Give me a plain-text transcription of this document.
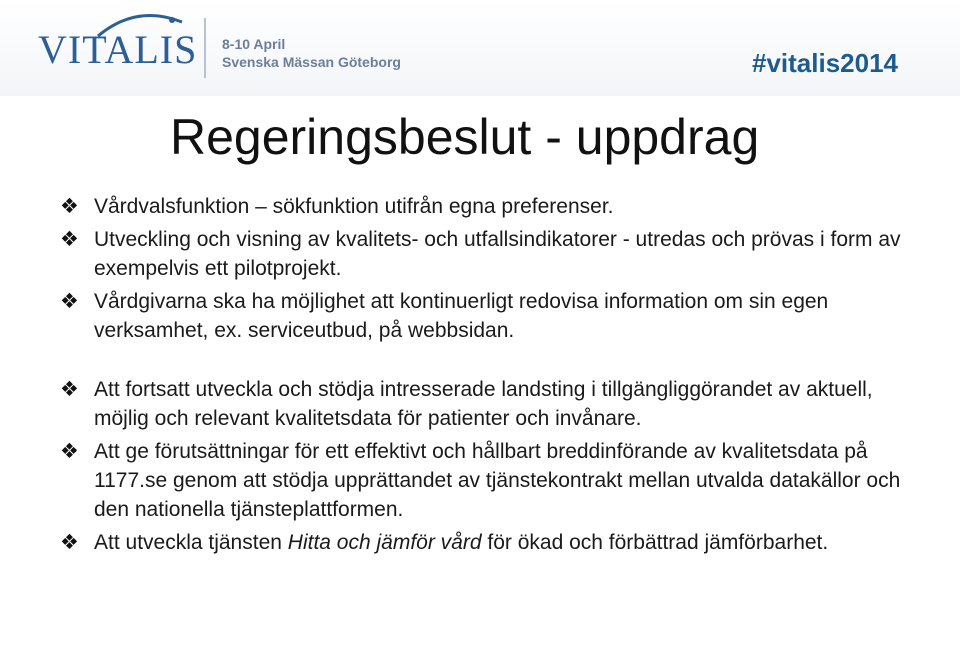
VITALIS 8-10 April
Svenska Mässan Göteborg	#vitalis2014
Regeringsbeslut - uppdrag
❖ Vårdvalsfunktion – sökfunktion utifrån egna preferenser.
❖ Utveckling och visning av kvalitets- och utfallsindikatorer - utredas och prövas i form av exempelvis ett pilotprojekt.
❖ Vårdgivarna ska ha möjlighet att kontinuerligt redovisa information om sin egen verksamhet, ex. serviceutbud, på webbsidan.
❖ Att fortsatt utveckla och stödja intresserade landsting i tillgängliggörandet av aktuell, möjlig och relevant kvalitetsdata för patienter och invånare.
❖ Att ge förutsättningar för ett effektivt och hållbart breddinförande av kvalitetsdata på 1177.se genom att stödja upprättandet av tjänstekontrakt mellan utvalda datakällor och den nationella tjänsteplattformen.
❖ Att utveckla tjänsten Hitta och jämför vård för ökad och förbättrad jämförbarhet.
